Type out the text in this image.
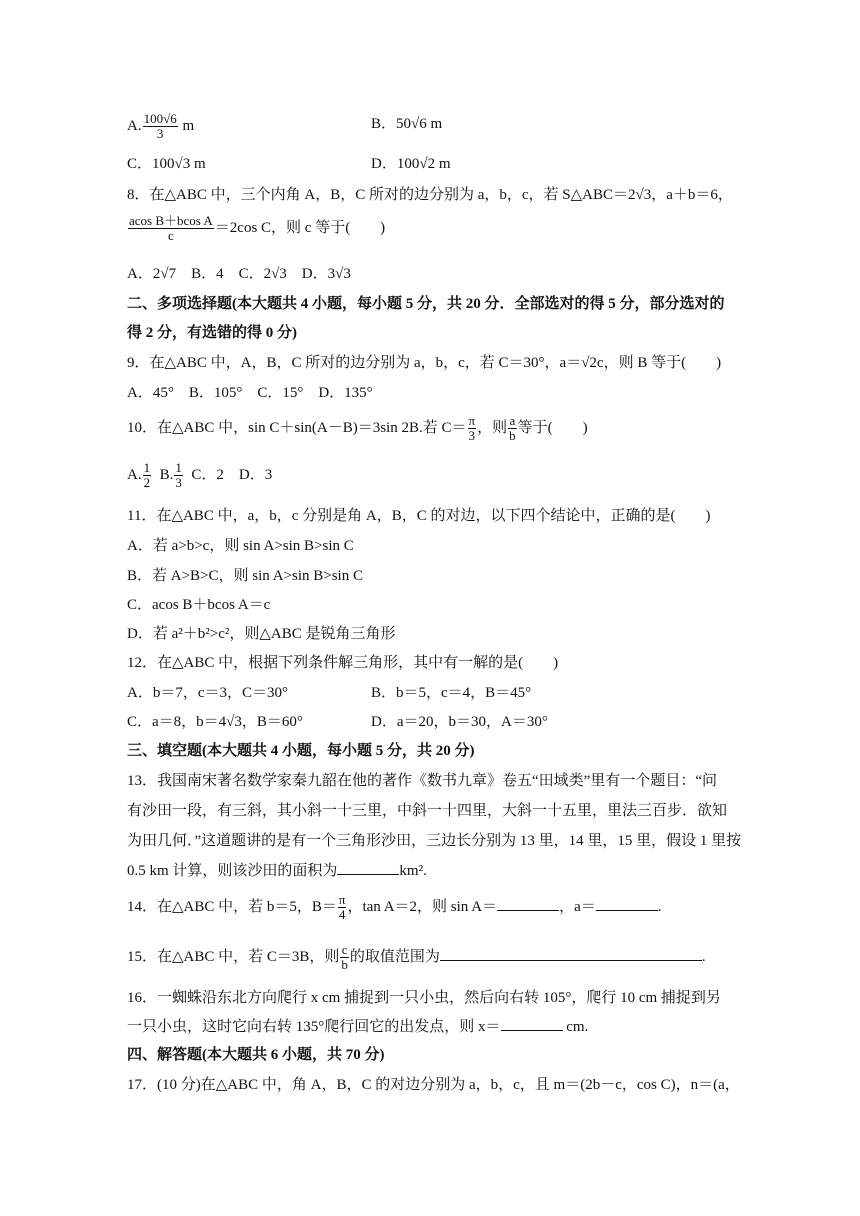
A. $\frac{100√6}{3}$ m	B．50√6 m
C．100√3 m	D．100√2 m
8．在△ABC 中，三个内角 A，B，C 所对的边分别为 a，b，c，若 S△ABC＝2√3，a＋b＝6，
$\frac{\text{acos B＋bcos A}}{c} =2\cos$ C，则 c 等于(　　)
A．2√7　B．4　C．2√3　D．3√3
二、多项选择题(本大题共 4 小题，每小题 5 分，共 20 分．全部选对的得 5 分，部分选对的
得 2 分，有选错的得 0 分)
9．在△ABC 中，A，B，C 所对的边分别为 a，b，c，若 C＝30°，a＝√2c，则 B 等于(　　)
A．45°　B．105°　C．15°　D．135°
10．在△ABC 中，sin C＋sin(A－B)＝3sin 2B.若 $C= \frac{\pi}{3}$ ，则 $\frac{a}{b}$ 等于(　　)
A. $\frac{1}{2} B$. $\frac{1}{3}$ C．2　D．3
11．在△ABC 中，a，b，c 分别是角 A，B，C 的对边，以下四个结论中，正确的是(　　)
A．若 a>b>c，则 sin A>sin B>sin C
B．若 A>B>C，则 sin A>sin B>sin C
C．acos B＋bcos A＝c
D．若 a²＋b²>c²，则△ABC 是锐角三角形
12．在△ABC 中，根据下列条件解三角形，其中有一解的是(　　)
A．b＝7，c＝3，C＝30°	B．b＝5，c＝4，B＝45°
C．a＝8，b＝4√3，B＝60°	D．a＝20，b＝30，A＝30°
三、填空题(本大题共 4 小题，每小题 5 分，共 20 分)
13．我国南宋著名数学家秦九韶在他的著作《数书九章》卷五“田域类”里有一个题目：“问
有沙田一段，有三斜，其小斜一十三里，中斜一十四里，大斜一十五里，里法三百步．欲知
为田几何．”这道题讲的是有一个三角形沙田，三边长分别为 13 里，14 里，15 里，假设 1 里按
0.5 km 计算，则该沙田的面积为	km².
14．在△ABC 中，若 b＝5，$B= \frac{\pi}{4}$ ，tan A＝2，则 sin A＝	，a＝	.
15．在△ABC 中，若 C＝3B，则 $\frac{c}{b}$ 的取值范围为	.
16．一蜘蛛沿东北方向爬行 x cm 捕捉到一只小虫，然后向右转 105°，爬行 10 cm 捕捉到另
一只小虫，这时它向右转 135°爬行回它的出发点，则 x＝	cm.
四、解答题(本大题共 6 小题，共 70 分)
17．(10 分)在△ABC 中，角 A，B，C 的对边分别为 a，b，c，且 m＝(2b－c，cos C)，n＝(a，
